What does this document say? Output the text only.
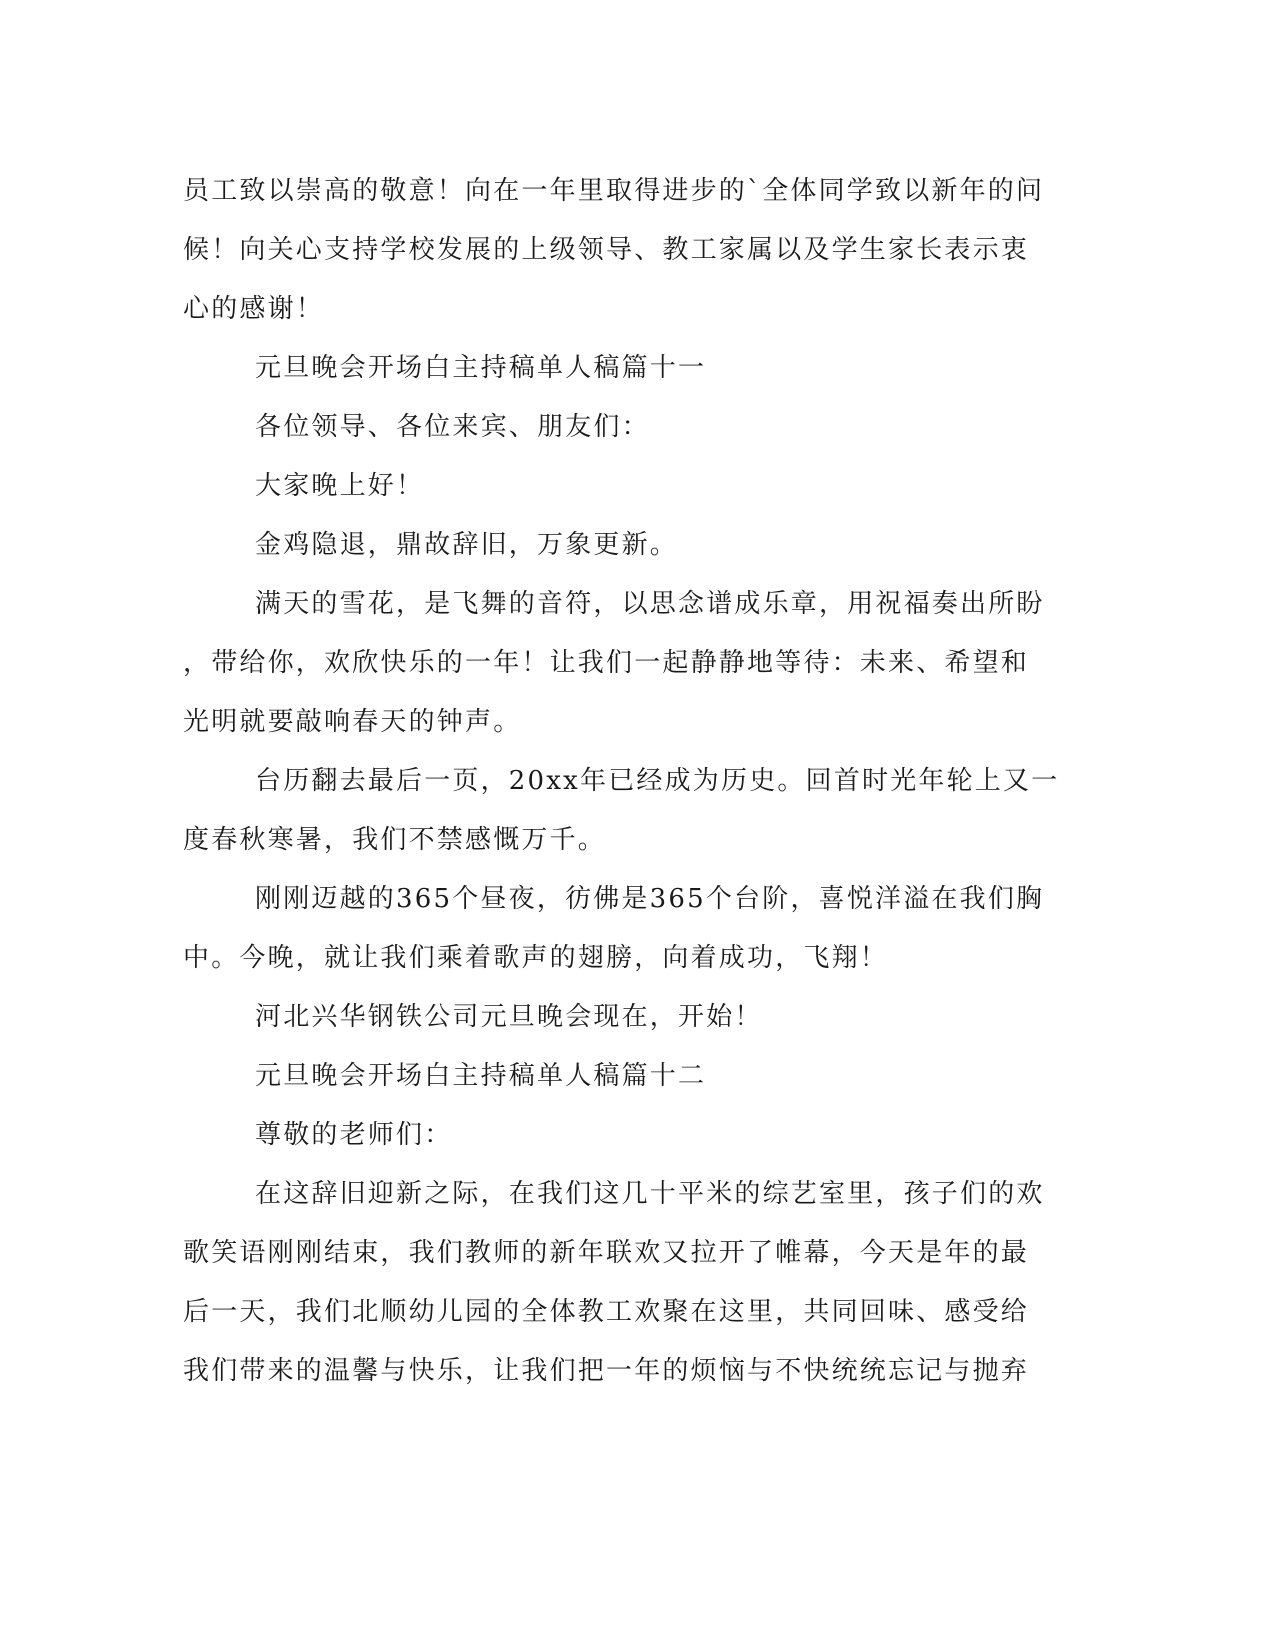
员工致以崇高的敬意！向在一年里取得进步的`全体同学致以新年的问
候！向关心支持学校发展的上级领导、教工家属以及学生家长表示衷
心的感谢！
元旦晚会开场白主持稿单人稿篇十一
各位领导、各位来宾、朋友们：
大家晚上好！
金鸡隐退，鼎故辞旧，万象更新。
满天的雪花，是飞舞的音符，以思念谱成乐章，用祝福奏出所盼
，带给你，欢欣快乐的一年！让我们一起静静地等待：未来、希望和
光明就要敲响春天的钟声。
台历翻去最后一页，20xx年已经成为历史。回首时光年轮上又一
度春秋寒暑，我们不禁感慨万千。
刚刚迈越的365个昼夜，彷佛是365个台阶，喜悦洋溢在我们胸
中。今晚，就让我们乘着歌声的翅膀，向着成功，飞翔！
河北兴华钢铁公司元旦晚会现在，开始！
元旦晚会开场白主持稿单人稿篇十二
尊敬的老师们：
在这辞旧迎新之际，在我们这几十平米的综艺室里，孩子们的欢
歌笑语刚刚结束，我们教师的新年联欢又拉开了帷幕，今天是年的最
后一天，我们北顺幼儿园的全体教工欢聚在这里，共同回味、感受给
我们带来的温馨与快乐，让我们把一年的烦恼与不快统统忘记与抛弃
